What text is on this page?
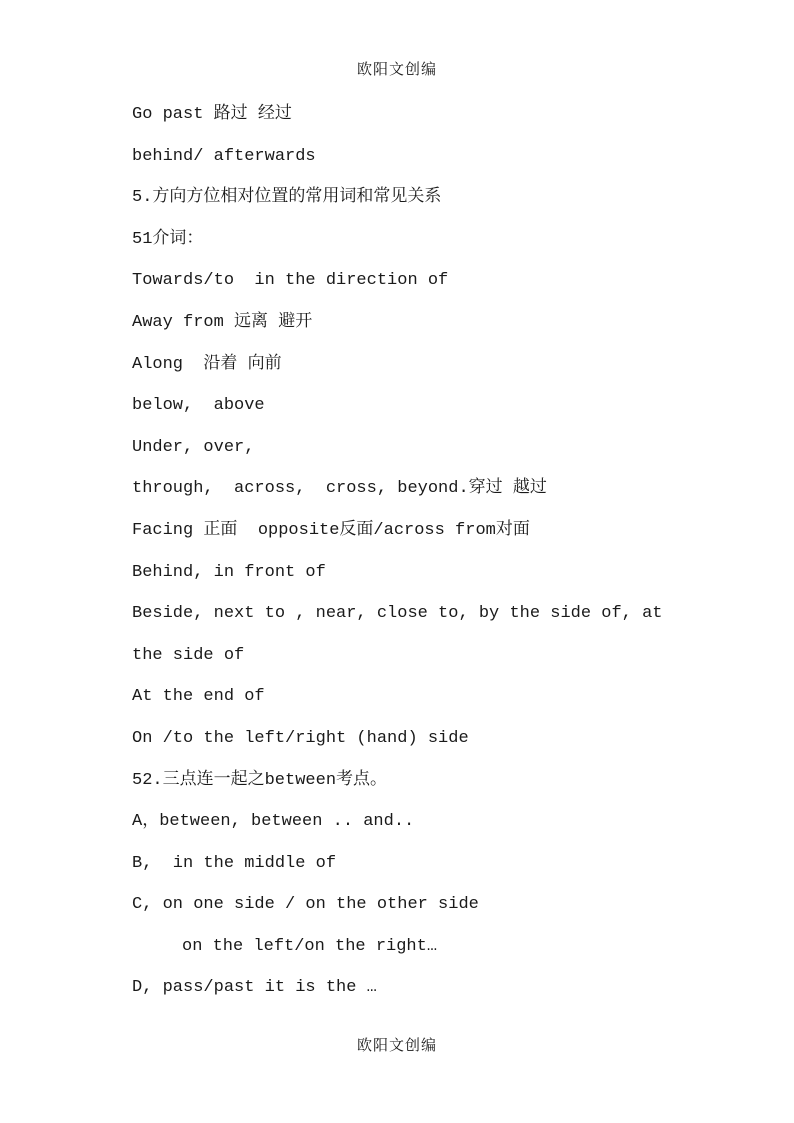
欧阳文创编
Go past 路过 经过
behind/ afterwards
5.方向方位相对位置的常用词和常见关系
51介词：
Towards/to  in the direction of
Away from 远离 避开
Along  沿着 向前
below,  above
Under, over,
through,  across,  cross, beyond.穿过 越过
Facing 正面  opposite反面/across from对面
Behind, in front of
Beside, next to , near, close to, by the side of, at
the side of
At the end of
On /to the left/right (hand) side
52.三点连一起之between考点。
A，between, between .. and..
B,  in the middle of
C, on one side / on the other side
on the left/on the right…
D, pass/past it is the …
欧阳文创编
